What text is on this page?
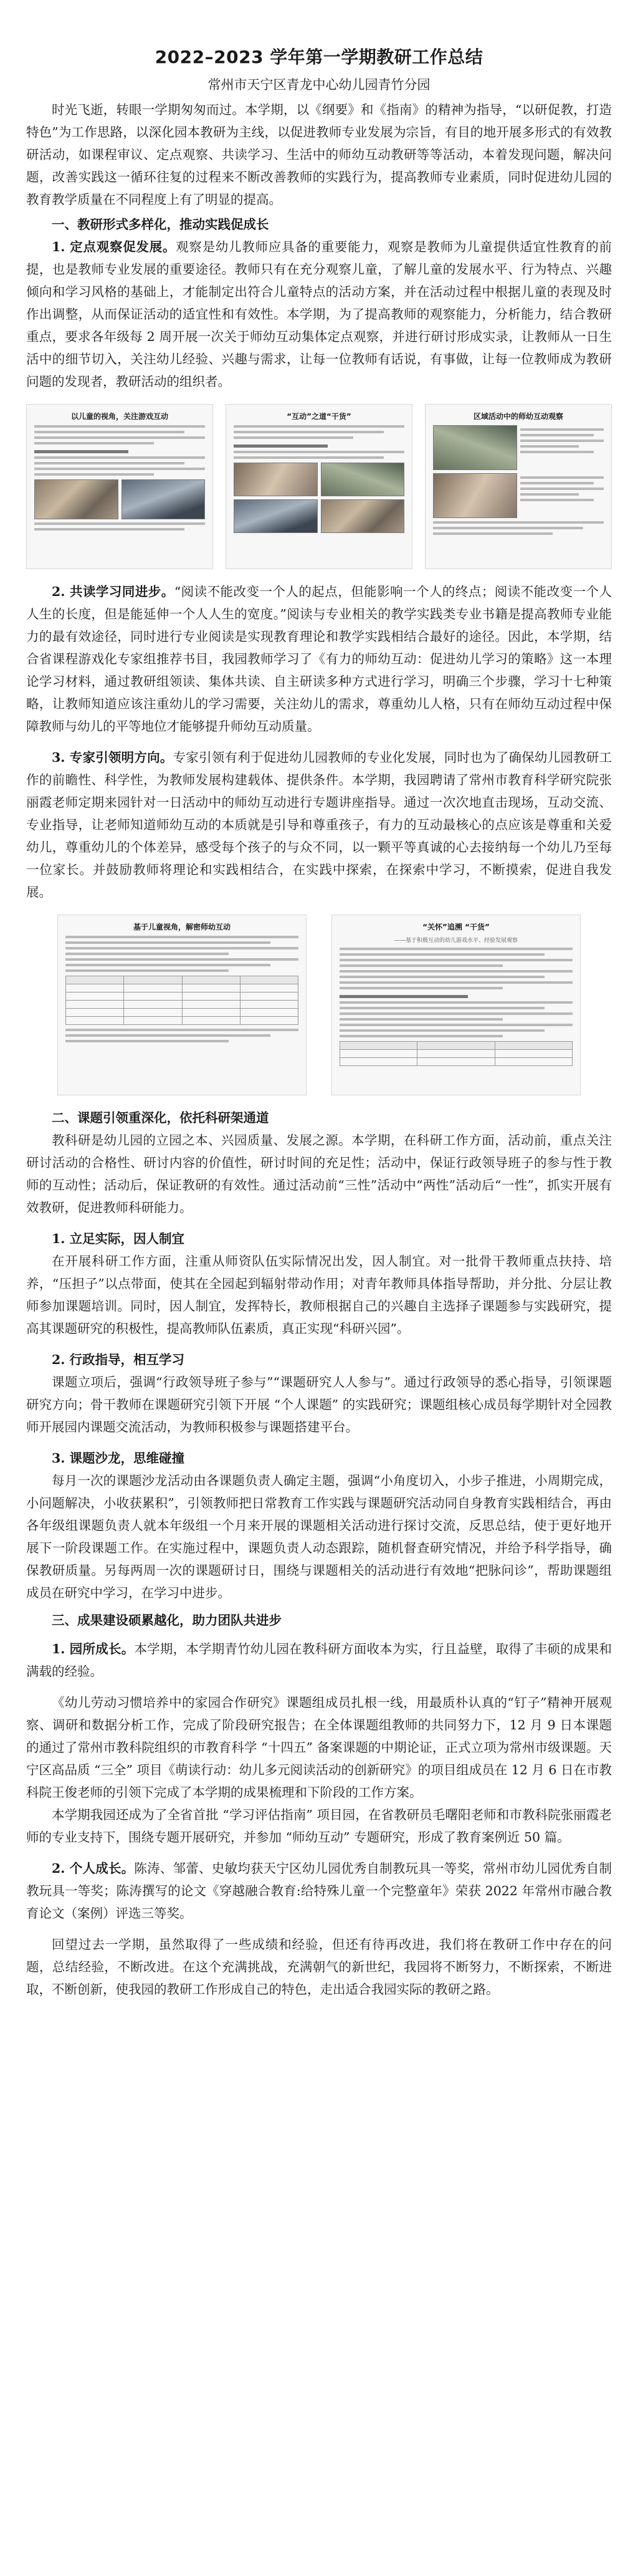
2022–2023 学年第一学期教研工作总结
常州市天宁区青龙中心幼儿园青竹分园

时光飞逝，转眼一学期匆匆而过。本学期，以《纲要》和《指南》的精神为指导，“以研促教，打造特色”为工作思路，以深化园本教研为主线，以促进教师专业发展为宗旨，有目的地开展多形式的有效教研活动，如课程审议、定点观察、共读学习、生活中的师幼互动教研等等活动，本着发现问题，解决问题，改善实践这一循环往复的过程来不断改善教师的实践行为，提高教师专业素质，同时促进幼儿园的教育教学质量在不同程度上有了明显的提高。

一、教研形式多样化，推动实践促成长

1. 定点观察促发展。观察是幼儿教师应具备的重要能力，观察是教师为儿童提供适宜性教育的前提，也是教师专业发展的重要途径。教师只有在充分观察儿童，了解儿童的发展水平、行为特点、兴趣倾向和学习风格的基础上，才能制定出符合儿童特点的活动方案，并在活动过程中根据儿童的表现及时作出调整，从而保证活动的适宜性和有效性。本学期，为了提高教师的观察能力，分析能力，结合教研重点，要求各年级每 2 周开展一次关于师幼互动集体定点观察，并进行研讨形成实录，让教师从一日生活中的细节切入，关注幼儿经验、兴趣与需求，让每一位教师有话说，有事做，让每一位教师成为教研问题的发现者，教研活动的组织者。

以儿童的视角，关注游戏互动	“互动”之道“干货”	区域活动中的师幼互动观察

2. 共读学习同进步。“阅读不能改变一个人的起点，但能影响一个人的终点；阅读不能改变一个人人生的长度，但是能延伸一个人人生的宽度。”阅读与专业相关的教学实践类专业书籍是提高教师专业能力的最有效途径，同时进行专业阅读是实现教育理论和教学实践相结合最好的途径。因此，本学期，结合省课程游戏化专家组推荐书目，我园教师学习了《有力的师幼互动：促进幼儿学习的策略》这一本理论学习材料，通过教研组领读、集体共读、自主研读多种方式进行学习，明确三个步骤，学习十七种策略，让教师知道应该注重幼儿的学习需要，关注幼儿的需求，尊重幼儿人格，只有在师幼互动过程中保障教师与幼儿的平等地位才能够提升师幼互动质量。

3. 专家引领明方向。专家引领有利于促进幼儿园教师的专业化发展，同时也为了确保幼儿园教研工作的前瞻性、科学性，为教师发展构建载体、提供条件。本学期，我园聘请了常州市教育科学研究院张丽霞老师定期来园针对一日活动中的师幼互动进行专题讲座指导。通过一次次地直击现场，互动交流、专业指导，让老师知道师幼互动的本质就是引导和尊重孩子，有力的互动最核心的点应该是尊重和关爱幼儿，尊重幼儿的个体差异，感受每个孩子的与众不同，以一颗平等真诚的心去接纳每一个幼儿乃至每一位家长。并鼓励教师将理论和实践相结合，在实践中探索，在探索中学习，不断摸索，促进自我发展。

基于儿童视角，解密师幼互动

				“关怀”追溯 “干货”
——基于积极互动的幼儿游戏水平、经验发展观察

二、课题引领重深化，依托科研架通道

教科研是幼儿园的立园之本、兴园质量、发展之源。本学期，在科研工作方面，活动前，重点关注研讨活动的合格性、研讨内容的价值性，研讨时间的充足性；活动中，保证行政领导班子的参与性于教师的互动性；活动后，保证教研的有效性。通过活动前“三性”活动中“两性”活动后“一性”，抓实开展有效教研，促进教师科研能力。

1. 立足实际，因人制宜

在开展科研工作方面，注重从师资队伍实际情况出发，因人制宜。对一批骨干教师重点扶持、培养，“压担子”以点带面，使其在全园起到辐射带动作用；对青年教师具体指导帮助，并分批、分层让教师参加课题培训。同时，因人制宜，发挥特长，教师根据自己的兴趣自主选择子课题参与实践研究，提高其课题研究的积极性，提高教师队伍素质，真正实现“科研兴园”。

2. 行政指导，相互学习

课题立项后，强调“行政领导班子参与”“课题研究人人参与”。通过行政领导的悉心指导，引领课题研究方向；骨干教师在课题研究引领下开展 “个人课题” 的实践研究；课题组核心成员每学期针对全园教师开展园内课题交流活动，为教师积极参与课题搭建平台。

3. 课题沙龙，思维碰撞

每月一次的课题沙龙活动由各课题负责人确定主题，强调“小角度切入，小步子推进，小周期完成，小问题解决，小收获累积”，引领教师把日常教育工作实践与课题研究活动同自身教育实践相结合，再由各年级组课题负责人就本年级组一个月来开展的课题相关活动进行探讨交流，反思总结，使于更好地开展下一阶段课题工作。在实施过程中，课题负责人动态跟踪，随机督查研究情况，并给予科学指导，确保教研质量。另每两周一次的课题研讨日，围绕与课题相关的活动进行有效地“把脉问诊”，帮助课题组成员在研究中学习，在学习中进步。

三、成果建设硕累越化，助力团队共进步

1. 园所成长。本学期，本学期青竹幼儿园在教科研方面收本为实，行且益壁，取得了丰硕的成果和满载的经验。

《幼儿劳动习惯培养中的家园合作研究》课题组成员扎根一线，用最质朴认真的“钉子”精神开展观察、调研和数据分析工作，完成了阶段研究报告；在全体课题组教师的共同努力下，12 月 9 日本课题的通过了常州市教科院组织的市教育科学 “十四五” 备案课题的中期论证，正式立项为常州市级课题。天宁区高品质 “三全” 项目《萌读行动：幼儿多元阅读活动的创新研究》的项目组成员在 12 月 6 日在市教科院王俊老师的引领下完成了本学期的成果梳理和下阶段的工作方案。

本学期我园还成为了全省首批 “学习评估指南” 项目园，在省教研员毛曙阳老师和市教科院张丽霞老师的专业支持下，围绕专题开展研究，并参加 “师幼互动” 专题研究，形成了教育案例近 50 篇。

2. 个人成长。陈涛、邹蕾、史敏均获天宁区幼儿园优秀自制教玩具一等奖，常州市幼儿园优秀自制教玩具一等奖；陈涛撰写的论文《穿越融合教育:给特殊儿童一个完整童年》荣获 2022 年常州市融合教育论文（案例）评选三等奖。

回望过去一学期，虽然取得了一些成绩和经验，但还有待再改进，我们将在教研工作中存在的问题，总结经验，不断改进。在这个充满挑战，充满朝气的新世纪，我园将不断努力，不断探索，不断进取，不断创新，使我园的教研工作形成自己的特色，走出适合我园实际的教研之路。
